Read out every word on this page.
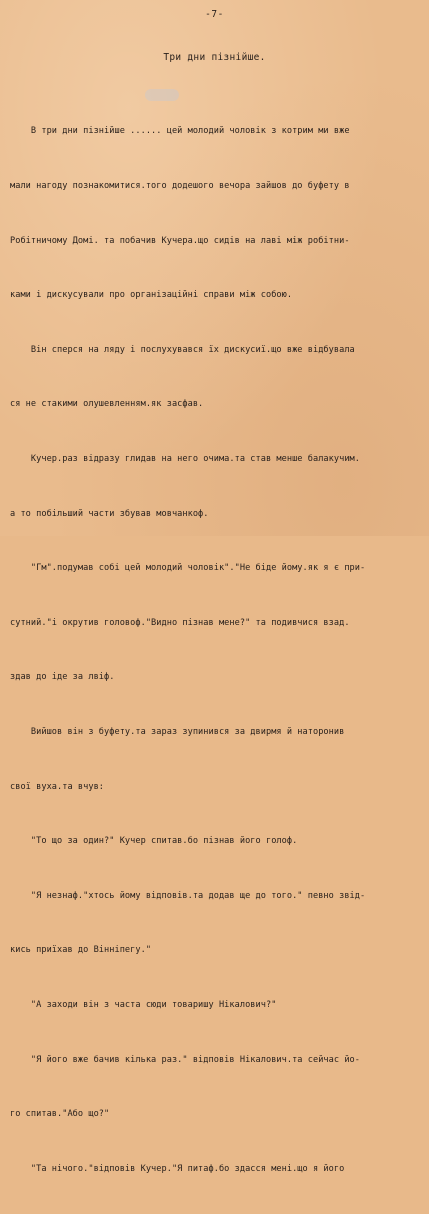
-7-
Три дни пізнійше.

В три дни пізнійше ...... цей молодий чоловік з котрим ми вже

мали нагоду познакомитися.того додешого вечора зайшов до буфету в

Робітничому Домі. та побачив Кучера.що сидів на лаві між робітни-

ками і дискусували про організаційні справи між собою.

Він сперся на ляду і послухувався їх дискусиї.що вже відбувала

ся не стакими олушевленням.як засфав.

Кучер.раз відразу глидав на него очима.та став менше балакучим.

а то побільший части збував мовчанкоф.

"Гм".подумав собі цей молодий чоловік"."Не біде йому.як я є при-

сутний."і окрутив головоф."Видно пізнав мене?" та подивчися взад.

здав до іде за лвіф.

Вийшов він з буфету.та зараз зупинився за двирмя й наторонив

свої вуха.та вчув:

"То що за один?" Кучер спитав.бо пізнав його голоф.

"Я незнаф."хтось йому відповів.та додав ще до того." певно звід-

кись приїхав до Вінніпегу."

"А заходи він з часта сюди товаришу Нікалович?"

"Я його вже бачив кілька раз." відповів Нікалович.та сейчас йо-

го спитав."Або що?"

"Та нічого."відповів Кучер."Я питаф.бо здасся мені.що я його
